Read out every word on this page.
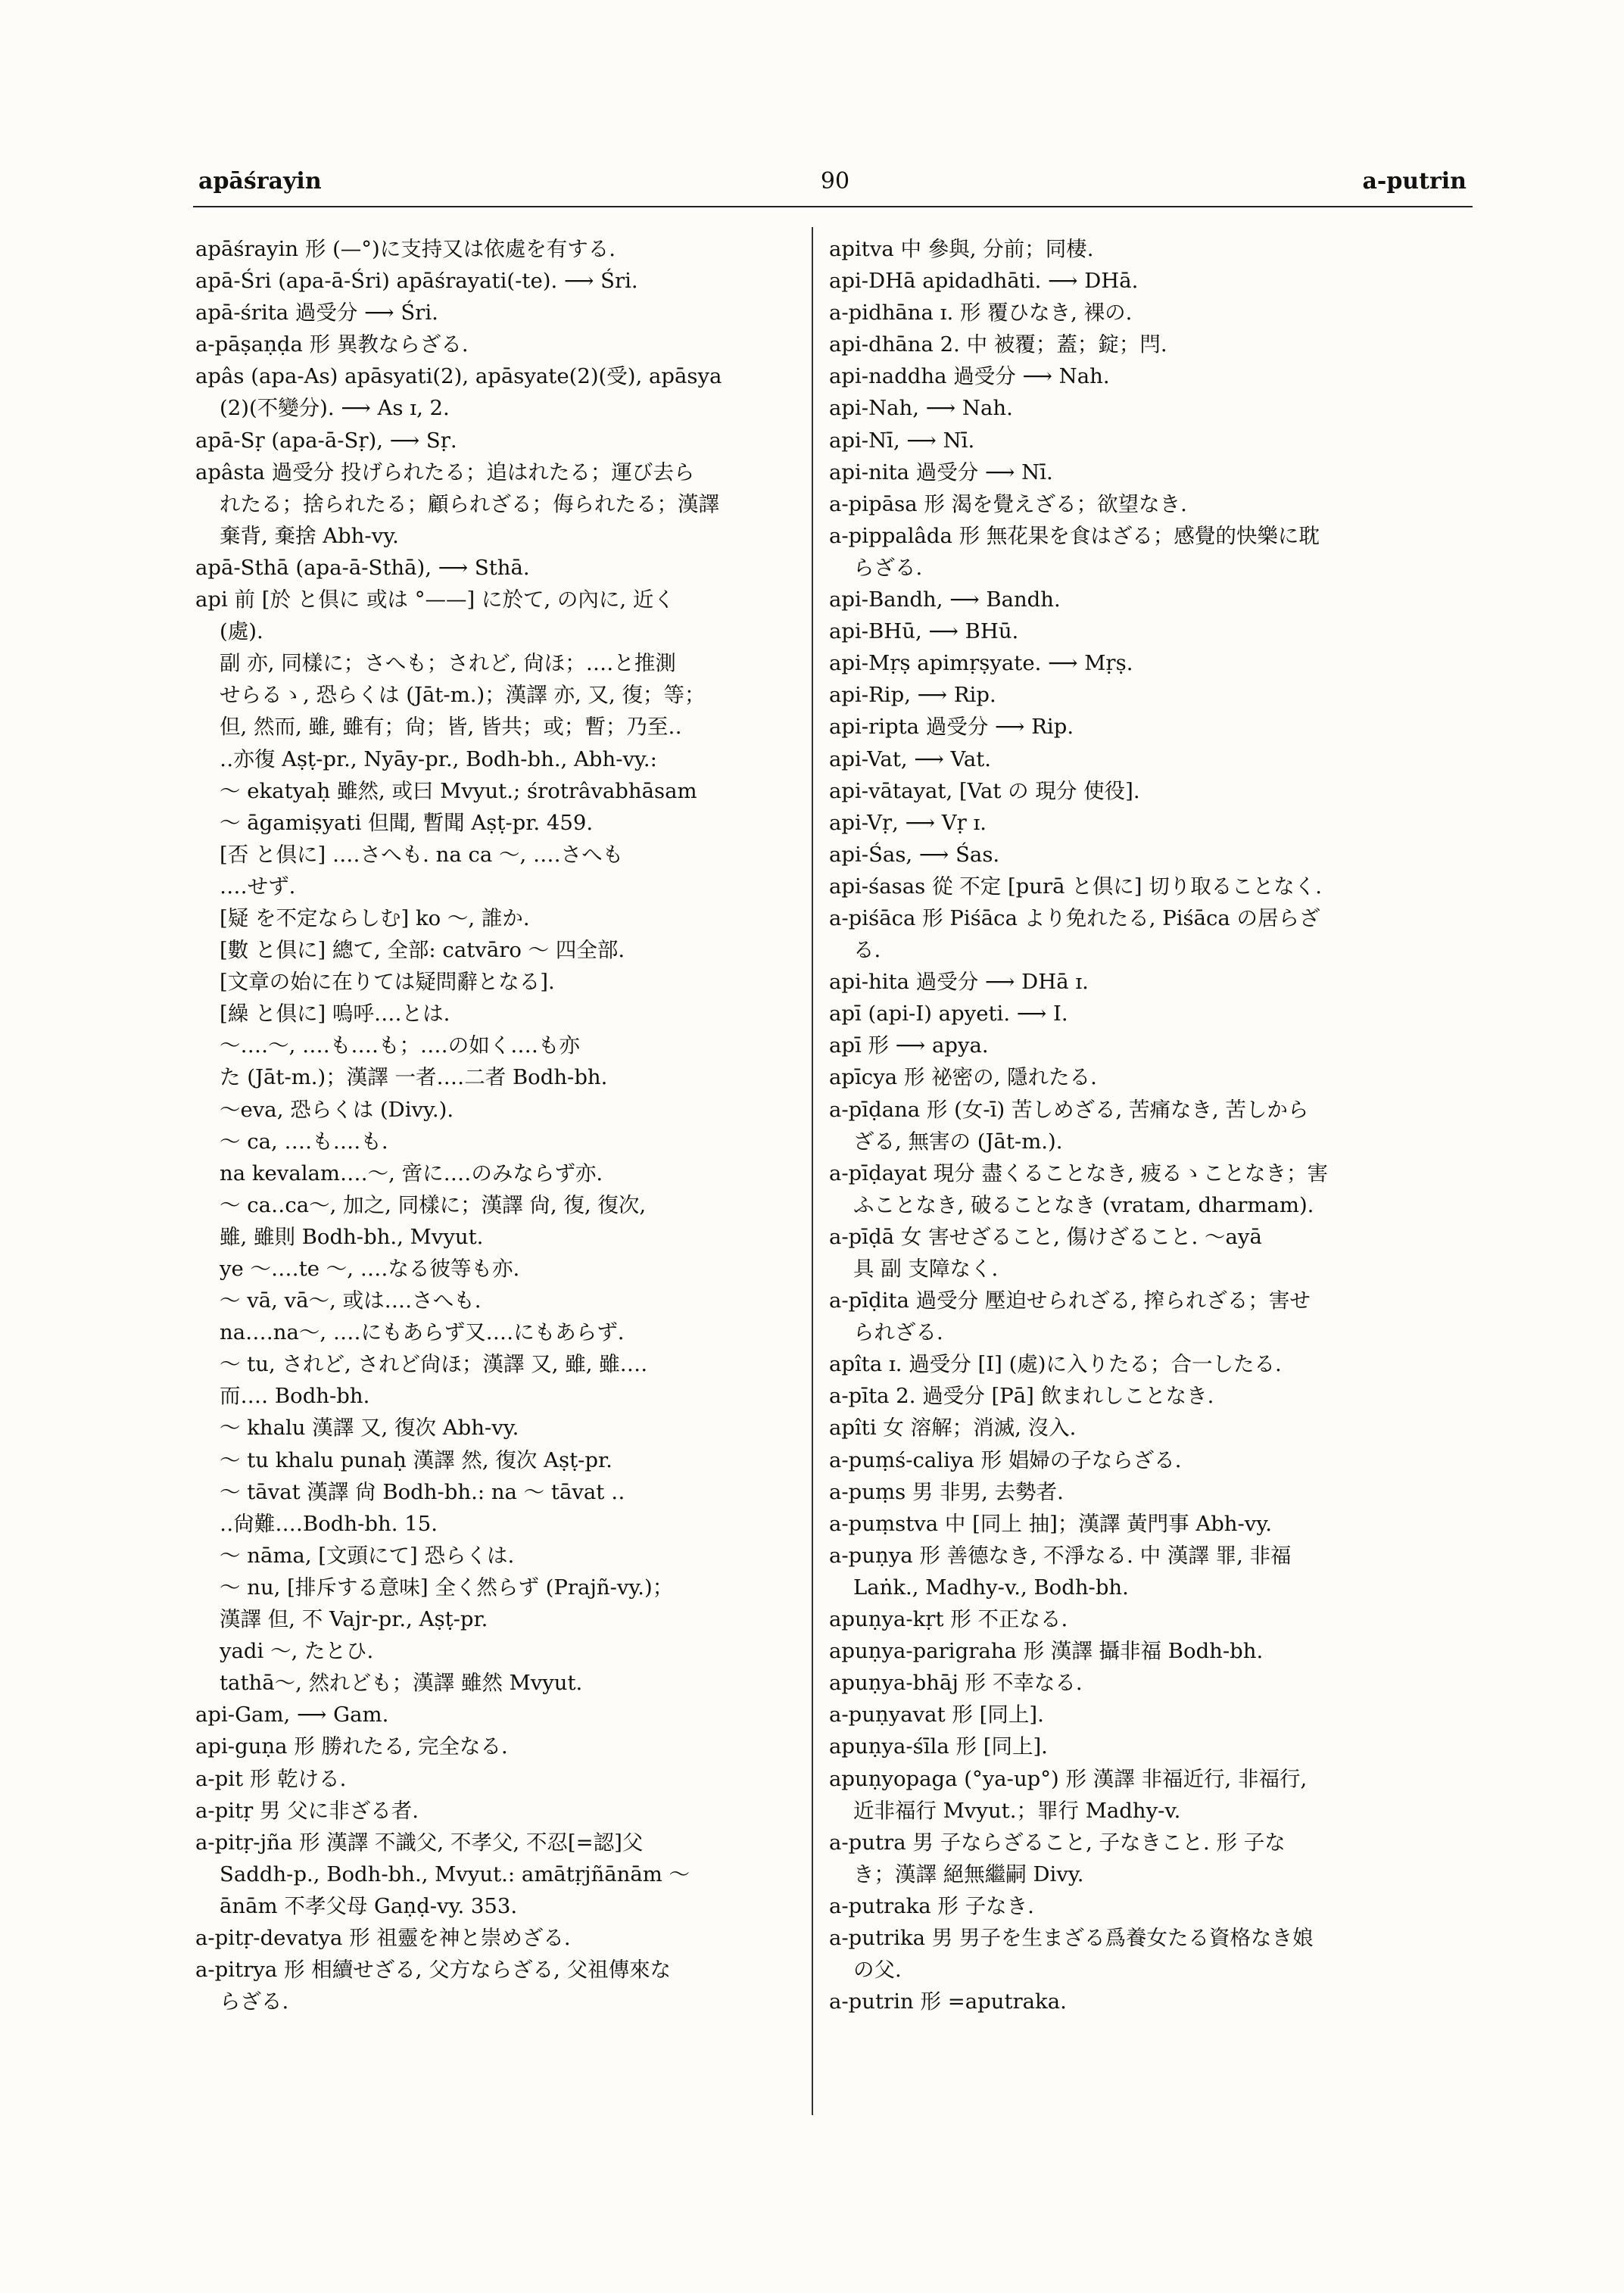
apāśrayin	90	a-putrin
apāśrayin 形 (—°)に支持又は依處を有する.
apā-Śri (apa-ā-Śri) apāśrayati(-te). ⟶ Śri.
apā-śrita 過受分 ⟶ Śri.
a-pāṣaṇḍa 形 異教ならざる.
apâs (apa-As) apāsyati(2), apāsyate(2)(受), apāsya
(2)(不變分). ⟶ As ɪ, 2.
apā-Sṛ (apa-ā-Sṛ), ⟶ Sṛ.
apâsta 過受分 投げられたる；追はれたる；運び去ら
れたる；捨られたる；顧られざる；侮られたる；漢譯
棄背, 棄捨 Abh-vy.
apā-Sthā (apa-ā-Sthā), ⟶ Sthā.
api 前 [於 と倶に 或は °——] に於て, の內に, 近く
(處).
副 亦, 同樣に；さへも；されど, 尙ほ；‥‥と推測
せらるゝ, 恐らくは (Jāt-m.)；漢譯 亦, 又, 復；等；
但, 然而, 雖, 雖有；尙；皆, 皆共；或；暫；乃至‥
‥亦復 Aṣṭ-pr., Nyāy-pr., Bodh-bh., Abh-vy.:
〜 ekatyaḥ 雖然, 或曰 Mvyut.; śrotrâvabhāsam
〜 āgamiṣyati 但聞, 暫聞 Aṣṭ-pr. 459.
[否 と倶に] ‥‥さへも. na ca 〜, ‥‥さへも
‥‥せず.
[疑 を不定ならしむ] ko 〜, 誰か.
[數 と倶に] 總て, 全部: catvāro 〜 四全部.
[文章の始に在りては疑問辭となる].
[繰 と倶に] 嗚呼‥‥とは.
〜‥‥〜, ‥‥も‥‥も；‥‥の如く‥‥も亦
た (Jāt-m.)；漢譯 一者‥‥二者 Bodh-bh.
〜eva, 恐らくは (Divy.).
〜 ca, ‥‥も‥‥も.
na kevalam‥‥〜, 啻に‥‥のみならず亦.
〜 ca‥ca〜, 加之, 同樣に；漢譯 尙, 復, 復次,
雖, 雖則 Bodh-bh., Mvyut.
ye 〜‥‥te 〜, ‥‥なる彼等も亦.
〜 vā, vā〜, 或は‥‥さへも.
na‥‥na〜, ‥‥にもあらず又‥‥にもあらず.
〜 tu, されど, されど尙ほ；漢譯 又, 雖, 雖‥‥
而‥‥ Bodh-bh.
〜 khalu 漢譯 又, 復次 Abh-vy.
〜 tu khalu punaḥ 漢譯 然, 復次 Aṣṭ-pr.
〜 tāvat 漢譯 尙 Bodh-bh.: na 〜 tāvat ‥
‥尙難‥‥Bodh-bh. 15.
〜 nāma, [文頭にて] 恐らくは.
〜 nu, [排斥する意味] 全く然らず (Prajñ-vy.)；
漢譯 但, 不 Vajr-pr., Aṣṭ-pr.
yadi 〜, たとひ.
tathā〜, 然れども；漢譯 雖然 Mvyut.
api-Gam, ⟶ Gam.
api-guṇa 形 勝れたる, 完全なる.
a-pit 形 乾ける.
a-pitṛ 男 父に非ざる者.
a-pitṛ-jña 形 漢譯 不識父, 不孝父, 不忍[=認]父
Saddh-p., Bodh-bh., Mvyut.: amātṛjñānām 〜
ānām 不孝父母 Gaṇḍ-vy. 353.
a-pitṛ-devatya 形 祖靈を神と崇めざる.
a-pitrya 形 相續せざる, 父方ならざる, 父祖傳來な
らざる.
apitva 中 參與, 分前；同棲.
api-DHā apidadhāti. ⟶ DHā.
a-pidhāna ɪ. 形 覆ひなき, 裸の.
api-dhāna 2. 中 被覆；蓋；錠；閂.
api-naddha 過受分 ⟶ Nah.
api-Nah, ⟶ Nah.
api-Nī, ⟶ Nī.
api-nita 過受分 ⟶ Nī.
a-pipāsa 形 渴を覺えざる；欲望なき.
a-pippalâda 形 無花果を食はざる；感覺的快樂に耽
らざる.
api-Bandh, ⟶ Bandh.
api-BHū, ⟶ BHū.
api-Mṛṣ apimṛṣyate. ⟶ Mṛṣ.
api-Rip, ⟶ Rip.
api-ripta 過受分 ⟶ Rip.
api-Vat, ⟶ Vat.
api-vātayat, [Vat の 現分 使役].
api-Vṛ, ⟶ Vṛ ɪ.
api-Śas, ⟶ Śas.
api-śasas 從 不定 [purā と倶に] 切り取ることなく.
a-piśāca 形 Piśāca より免れたる, Piśāca の居らざ
る.
api-hita 過受分 ⟶ DHā ɪ.
apī (api-I) apyeti. ⟶ I.
apī 形 ⟶ apya.
apīcya 形 祕密の, 隱れたる.
a-pīḍana 形 (女-ī) 苦しめざる, 苦痛なき, 苦しから
ざる, 無害の (Jāt-m.).
a-pīḍayat 現分 盡くることなき, 疲るゝことなき；害
ふことなき, 破ることなき (vratam, dharmam).
a-pīḍā 女 害せざること, 傷けざること. 〜ayā
具 副 支障なく.
a-pīḍita 過受分 壓迫せられざる, 搾られざる；害せ
られざる.
apîta ɪ. 過受分 [I] (處)に入りたる；合一したる.
a-pīta 2. 過受分 [Pā] 飲まれしことなき.
apîti 女 溶解；消滅, 沒入.
a-puṃś-caliya 形 娼婦の子ならざる.
a-puṃs 男 非男, 去勢者.
a-puṃstva 中 [同上 抽]；漢譯 黃門事 Abh-vy.
a-puṇya 形 善德なき, 不淨なる. 中 漢譯 罪, 非福
Laṅk., Madhy-v., Bodh-bh.
apuṇya-kṛt 形 不正なる.
apuṇya-parigraha 形 漢譯 攝非福 Bodh-bh.
apuṇya-bhāj 形 不幸なる.
a-puṇyavat 形 [同上].
apuṇya-śīla 形 [同上].
apuṇyopaga (°ya-up°) 形 漢譯 非福近行, 非福行,
近非福行 Mvyut.；罪行 Madhy-v.
a-putra 男 子ならざること, 子なきこと. 形 子な
き；漢譯 絕無繼嗣 Divy.
a-putraka 形 子なき.
a-putrika 男 男子を生まざる爲養女たる資格なき娘
の父.
a-putrin 形 =aputraka.
